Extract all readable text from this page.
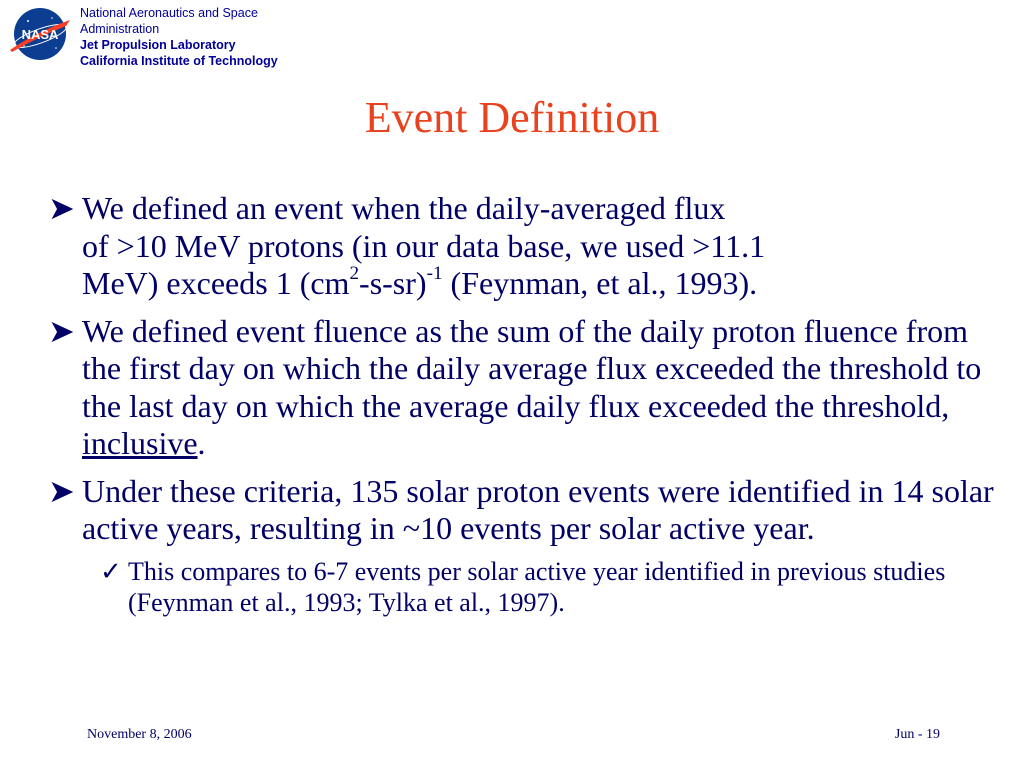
NASA
National Aeronautics and Space
Administration
Jet Propulsion Laboratory
California Institute of Technology
Event Definition
➤ We defined an event when the daily-averaged flux
of >10 MeV protons (in our data base, we used >11.1
MeV) exceeds 1 $(cm^2-s-sr)^{-1}$ (Feynman, et al., 1993).
➤ We defined event fluence as the sum of the daily proton fluence from the first day on which the daily average flux exceeded the threshold to the last day on which the average daily flux exceeded the threshold, inclusive.
➤ Under these criteria, 135 solar proton events were identified in 14 solar active years, resulting in ~10 events per solar active year.
✓ This compares to 6-7 events per solar active year identified in previous studies (Feynman et al., 1993; Tylka et al., 1997).
November 8, 2006	Jun - 19
